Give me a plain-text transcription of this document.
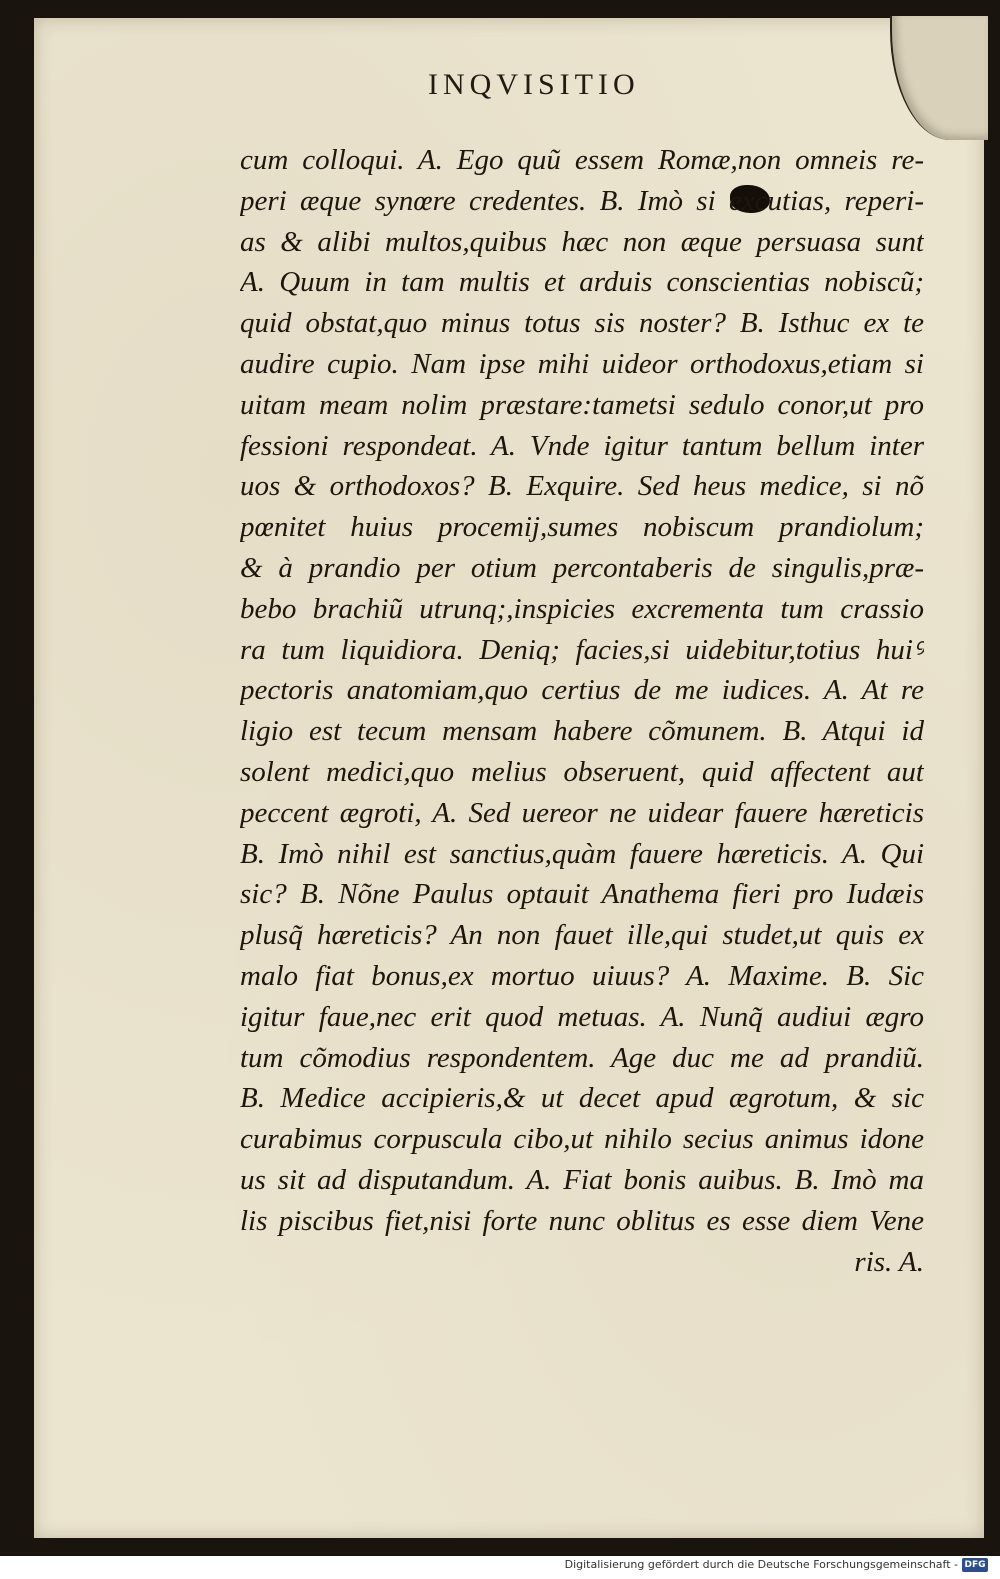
INQVISITIO
cum colloqui. A. Ego quũ essem Romæ,non omneis re-
peri æque synœre credentes. B. Imò si excutias, reperi-
as & alibi multos,quibus hæc non æque persuasa sunt
A. Quum in tam multis et arduis conscientias nobiscũ;
quid obstat,quo minus totus sis noster? B. Isthuc ex te
audire cupio. Nam ipse mihi uideor orthodoxus,etiam si
uitam meam nolim præstare:tametsi sedulo conor,ut pro
fessioni respondeat. A. Vnde igitur tantum bellum inter
uos & orthodoxos? B. Exquire. Sed heus medice, si nõ
pœnitet huius procemij,sumes nobiscum prandiolum;
& à prandio per otium percontaberis de singulis,præ-
bebo brachiũ utrunq;,inspicies excrementa tum crassio
ra tum liquidiora. Deniq; facies,si uidebitur,totius huiꝰ
pectoris anatomiam,quo certius de me iudices. A. At re
ligio est tecum mensam habere cõmunem. B. Atqui id
solent medici,quo melius obseruent, quid affectent aut
peccent ægroti, A. Sed uereor ne uidear fauere hæreticis
B. Imò nihil est sanctius,quàm fauere hæreticis. A. Qui
sic? B. Nõne Paulus optauit Anathema fieri pro Iudæis
plusq̃ hæreticis? An non fauet ille,qui studet,ut quis ex
malo fiat bonus,ex mortuo uiuus? A. Maxime. B. Sic
igitur faue,nec erit quod metuas. A. Nunq̃ audiui ægro
tum cõmodius respondentem. Age duc me ad prandiũ.
B. Medice accipieris,& ut decet apud ægrotum, & sic
curabimus corpuscula cibo,ut nihilo secius animus idone
us sit ad disputandum. A. Fiat bonis auibus. B. Imò ma
lis piscibus fiet,nisi forte nunc oblitus es esse diem Vene
ris. A.
Digitalisierung gefördert durch die Deutsche Forschungsgemeinschaft - DFG
